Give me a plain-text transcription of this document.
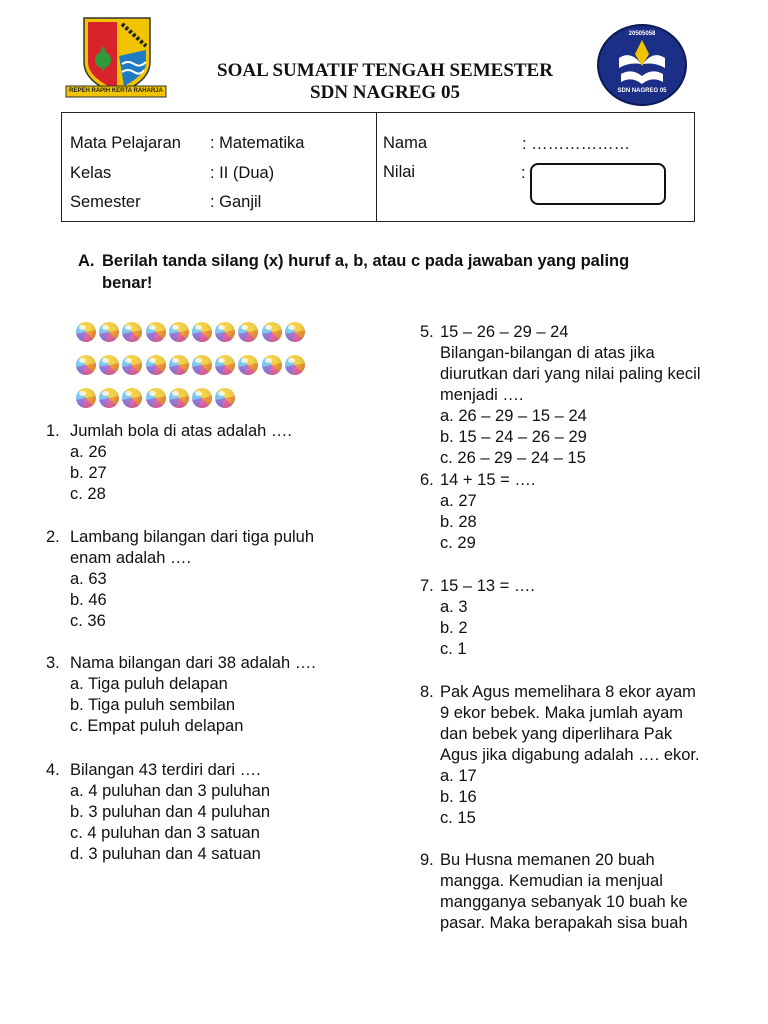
REPEH RAPIH KERTA RAHARJA
20505058
SDN NAGREG 05
SOAL SUMATIF TENGAH SEMESTER
SDN NAGREG 05
Mata Pelajaran : Matematika
Kelas	: II (Dua)
Semester	: Ganjil
Nama	: ………………
Nilai	:
A. Berilah tanda silang (x) huruf a, b, atau c pada jawaban yang paling
benar!
1. Jumlah bola di atas adalah ….
a. 26
b. 27
c. 28
2. Lambang bilangan dari tiga puluh
enam adalah ….
a. 63
b. 46
c. 36
3. Nama bilangan dari 38 adalah ….
a. Tiga puluh delapan
b. Tiga puluh sembilan
c. Empat puluh delapan
4. Bilangan 43 terdiri dari ….
a. 4 puluhan dan 3 puluhan
b. 3 puluhan dan 4 puluhan
c. 4 puluhan dan 3 satuan
d. 3 puluhan dan 4 satuan
5. 15 – 26 – 29 – 24
Bilangan-bilangan di atas jika
diurutkan dari yang nilai paling kecil
menjadi ….
a. 26 – 29 – 15 – 24
b. 15 – 24 – 26 – 29
c. 26 – 29 – 24 – 15
6. 14 + 15 = ….
a. 27
b. 28
c. 29
7. 15 – 13 = ….
a. 3
b. 2
c. 1
8. Pak Agus memelihara 8 ekor ayam
9 ekor bebek. Maka jumlah ayam
dan bebek yang diperlihara Pak
Agus jika digabung adalah …. ekor.
a. 17
b. 16
c. 15
9. Bu Husna memanen 20 buah
mangga. Kemudian ia menjual
mangganya sebanyak 10 buah ke
pasar. Maka berapakah sisa buah
